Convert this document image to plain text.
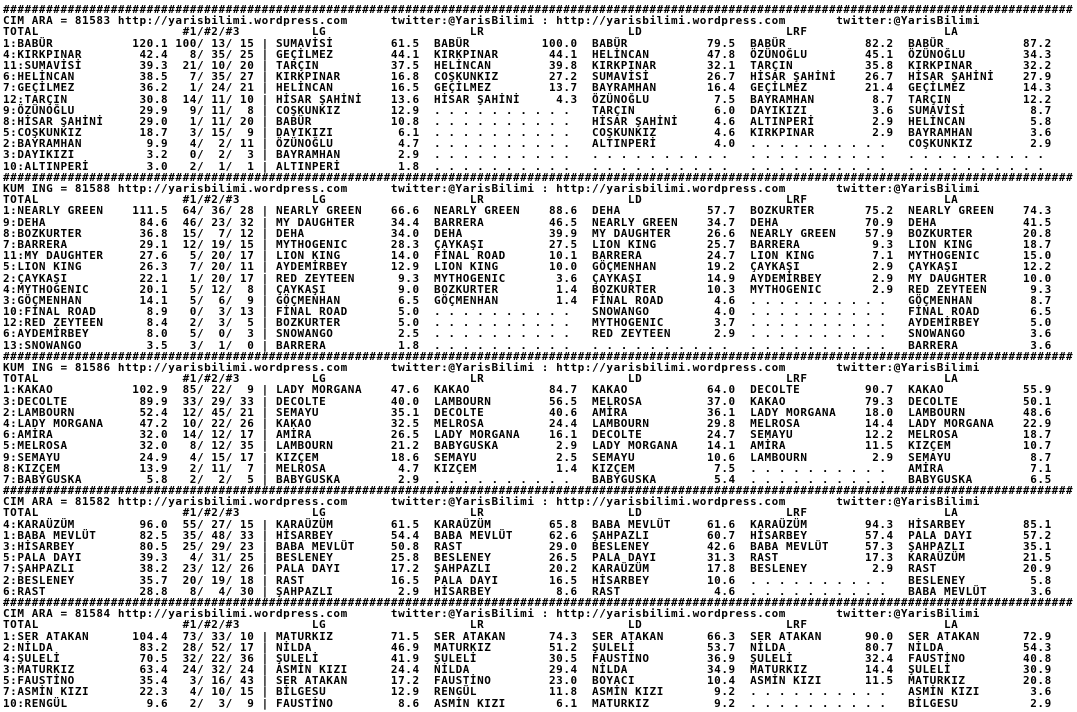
#####################################################################################################################################################
CIM ARA = 81583 http://yarisbilimi.wordpress.com	twitter:@YarisBilimi : http://yarisbilimi.wordpress.com	twitter:@YarisBilimi
TOTAL                    #1/#2/#3          LG                    LR                    LD                    LRF                   LA
1:BABÜR           120.1 100/ 13/ 15 | SUMAVİSİ        61.5  BABÜR          100.0  BABÜR           79.5  BABÜR           82.2  BABÜR           87.2
4:KIRKPINAR        42.4   8/ 35/ 25 | GEÇİLMEZ        44.1  KIRKPINAR       44.1  HELİNCAN        47.8  ÖZÜNOĞLU        45.1  ÖZÜNOĞLU        34.3
11:SUMAVİSİ        39.3  21/ 10/ 20 | TARÇIN          37.5  HELİNCAN        39.8  KIRKPINAR       32.1  TARÇIN          35.8  KIRKPINAR       32.2
6:HELİNCAN         38.5   7/ 35/ 27 | KIRKPINAR       16.8  COŞKUNKIZ       27.2  SUMAVİSİ        26.7  HİSAR ŞAHİNİ    26.7  HİSAR ŞAHİNİ    27.9
7:GEÇİLMEZ         36.2   1/ 24/ 21 | HELİNCAN        16.5  GEÇİLMEZ        13.7  BAYRAMHAN       16.4  GEÇİLMEZ        21.4  GEÇİLMEZ        14.3
12:TARÇIN          30.8  14/ 11/ 10 | HİSAR ŞAHİNİ    13.6  HİSAR ŞAHİNİ     4.3  ÖZÜNOĞLU         7.5  BAYRAMHAN        8.7  TARÇIN          12.2
9:ÖZÜNOĞLU         29.9   9/ 11/  8 | COŞKUNKIZ       12.9  . . . . . . . . . .   TARÇIN           6.0  DAYIKIZI         3.6  SUMAVİSİ         8.7
8:HİSAR ŞAHİNİ     29.0   1/ 11/ 20 | BABÜR           10.8  . . . . . . . . . .   HİSAR ŞAHİNİ     4.6  ALTINPERİ        2.9  HELİNCAN         5.8
5:COŞKUNKIZ        18.7   3/ 15/  9 | DAYIKIZI         6.1  . . . . . . . . . .   COŞKUNKIZ        4.6  KIRKPINAR        2.9  BAYRAMHAN        3.6
2:BAYRAMHAN         9.9   4/  2/ 11 | ÖZÜNOĞLU         4.7  . . . . . . . . . .   ALTINPERİ        4.0  . . . . . . . . . .   COŞKUNKIZ        2.9
3:DAYIKIZI          3.2   0/  2/  3 | BAYRAMHAN        2.9  . . . . . . . . . .   . . . . . . . . . .   . . . . . . . . . .   . . . . . . . . . .
10:ALTINPERİ        3.0   2/  1/  1 | ALTINPERİ        1.8  . . . . . . . . . .   . . . . . . . . . .   . . . . . . . . . .   . . . . . . . . . .
#####################################################################################################################################################
KUM ING = 81588 http://yarisbilimi.wordpress.com	twitter:@YarisBilimi : http://yarisbilimi.wordpress.com	twitter:@YarisBilimi
TOTAL                    #1/#2/#3          LG                    LR                    LD                    LRF                   LA
1:NEARLY GREEN    111.5  64/ 36/ 28 | NEARLY GREEN    66.6  NEARLY GREEN    88.6  DEHA            57.7  BOZKURTER       75.2  NEARLY GREEN    74.3
9:DEHA             84.6  46/ 23/ 32 | MY DAUGHTER     34.4  BARRERA         46.5  NEARLY GREEN    34.7  DEHA            70.9  DEHA            41.5
8:BOZKURTER        36.8  15/  7/ 12 | DEHA            34.0  DEHA            39.9  MY DAUGHTER     26.6  NEARLY GREEN    57.9  BOZKURTER       20.8
7:BARRERA          29.1  12/ 19/ 15 | MYTHOGENIC      28.3  ÇAYKAŞI         27.5  LION KING       25.7  BARRERA          9.3  LION KING       18.7
11:MY DAUGHTER     27.6   5/ 20/ 17 | LION KING       14.0  FİNAL ROAD      10.1  BARRERA         24.7  LION KING        7.1  MYTHOGENIC      15.0
5:LION KING        26.3   7/ 20/ 11 | AYDEMİRBEY      12.9  LION KING       10.0  GÖÇMENHAN       19.2  ÇAYKAŞI          2.9  ÇAYKAŞI         12.2
2:ÇAYKAŞI          22.1   1/ 20/ 17 | RED ZEYTEEN      9.3  MYTHOGENIC       3.6  ÇAYKAŞI         14.9  AYDEMİRBEY       2.9  MY DAUGHTER     10.0
4:MYTHOGENIC       20.1   5/ 12/  8 | ÇAYKAŞI          9.0  BOZKURTER        1.4  BOZKURTER       10.3  MYTHOGENIC       2.9  RED ZEYTEEN      9.3
3:GÖÇMENHAN        14.1   5/  6/  9 | GÖÇMENHAN        6.5  GÖÇMENHAN        1.4  FİNAL ROAD       4.6  . . . . . . . . . .   GÖÇMENHAN        8.7
10:FİNAL ROAD       8.9   0/  3/ 13 | FİNAL ROAD       5.0  . . . . . . . . . .   SNOWANGO         4.0  . . . . . . . . . .   FİNAL ROAD       6.5
12:RED ZEYTEEN      8.4   2/  3/  5 | BOZKURTER        5.0  . . . . . . . . . .   MYTHOGENIC       3.7  . . . . . . . . . .   AYDEMİRBEY       5.0
6:AYDEMİRBEY        8.0   5/  0/  3 | SNOWANGO         2.5  . . . . . . . . . .   RED ZEYTEEN      2.9  . . . . . . . . . .   SNOWANGO         3.6
13:SNOWANGO         3.5   3/  1/  0 | BARRERA          1.8  . . . . . . . . . .   . . . . . . . . . .   . . . . . . . . . .   BARRERA          3.6
#####################################################################################################################################################
KUM ING = 81586 http://yarisbilimi.wordpress.com	twitter:@YarisBilimi : http://yarisbilimi.wordpress.com	twitter:@YarisBilimi
TOTAL                    #1/#2/#3          LG                    LR                    LD                    LRF                   LA
1:KAKAO           102.9  85/ 22/  9 | LADY MORGANA    47.6  KAKAO           84.7  KAKAO           64.0  DECOLTE         90.7  KAKAO           55.9
3:DECOLTE          89.9  33/ 29/ 33 | DECOLTE         40.0  LAMBOURN        56.5  MELROSA         37.0  KAKAO           79.3  DECOLTE         50.1
2:LAMBOURN         52.4  12/ 45/ 21 | SEMAYU          35.1  DECOLTE         40.6  AMİRA           36.1  LADY MORGANA    18.0  LAMBOURN        48.6
4:LADY MORGANA     47.2  10/ 22/ 26 | KAKAO           32.5  MELROSA         24.4  LAMBOURN        29.8  MELROSA         14.4  LADY MORGANA    22.9
6:AMİRA            32.0  14/ 12/ 17 | AMİRA           26.5  LADY MORGANA    16.1  DECOLTE         24.7  SEMAYU          12.2  MELROSA         18.7
5:MELROSA          32.0   8/ 12/ 35 | LAMBOURN        21.2  BABYGUSKA        2.9  LADY MORGANA    14.1  AMİRA           11.5  KIZÇEM          10.7
9:SEMAYU           24.9   4/ 15/ 17 | KIZÇEM          18.6  SEMAYU           2.5  SEMAYU          10.6  LAMBOURN         2.9  SEMAYU           8.7
8:KIZÇEM           13.9   2/ 11/  7 | MELROSA          4.7  KIZÇEM           1.4  KIZÇEM           7.5  . . . . . . . . . .   AMİRA            7.1
7:BABYGUSKA         5.8   2/  2/  5 | BABYGUSKA        2.9  . . . . . . . . . .   BABYGUSKA        5.4  . . . . . . . . . .   BABYGUSKA        6.5
#####################################################################################################################################################
CIM ARA = 81582 http://yarisbilimi.wordpress.com	twitter:@YarisBilimi : http://yarisbilimi.wordpress.com	twitter:@YarisBilimi
TOTAL                    #1/#2/#3          LG                    LR                    LD                    LRF                   LA
4:KARAÜZÜM         96.0  55/ 27/ 15 | KARAÜZÜM        61.5  KARAÜZÜM        65.8  BABA MEVLÜT     61.6  KARAÜZÜM        94.3  HİSARBEY        85.1
1:BABA MEVLÜT      82.5  35/ 48/ 33 | HİSARBEY        54.4  BABA MEVLÜT     62.6  ŞAHPAZLI        60.7  HİSARBEY        57.4  PALA DAYI       57.2
3:HİSARBEY         80.5  25/ 29/ 23 | BABA MEVLÜT     50.8  RAST            29.0  BESLENEY        42.6  BABA MEVLÜT     57.3  ŞAHPAZLI        35.1
5:PALA DAYI        39.3   4/ 31/ 25 | BESLENEY        25.8  BESLENEY        26.5  PALA DAYI       31.3  RAST            17.3  KARAÜZÜM        21.5
7:ŞAHPAZLI         38.2  23/ 12/ 26 | PALA DAYI       17.2  ŞAHPAZLI        20.2  KARAÜZÜM        17.8  BESLENEY         2.9  RAST            20.9
2:BESLENEY         35.7  20/ 19/ 18 | RAST            16.5  PALA DAYI       16.5  HİSARBEY        10.6  . . . . . . . . . .   BESLENEY         5.8
6:RAST             28.8   8/  4/ 30 | ŞAHPAZLI         2.9  HİSARBEY         8.6  RAST             4.6  . . . . . . . . . .   BABA MEVLÜT      3.6
#####################################################################################################################################################
CIM ARA = 81584 http://yarisbilimi.wordpress.com	twitter:@YarisBilimi : http://yarisbilimi.wordpress.com	twitter:@YarisBilimi
TOTAL                    #1/#2/#3          LG                    LR                    LD                    LRF                   LA
1:SER ATAKAN      104.4  73/ 33/ 10 | MATURKIZ        71.5  SER ATAKAN      74.3  SER ATAKAN      66.3  SER ATAKAN      90.0  SER ATAKAN      72.9
2:NİLDA            83.2  28/ 52/ 17 | NİLDA           46.9  MATURKIZ        51.2  ŞULELİ          53.7  NİLDA           80.7  NİLDA           54.3
4:ŞULELİ           70.5  32/ 22/ 36 | ŞULELİ          41.9  ŞULELİ          30.5  FAUSTİNO        36.9  ŞULELİ          32.4  FAUSTİNO        40.8
3:MATURKIZ         63.4  24/ 32/ 24 | ASMİN KIZI      24.4  NİLDA           29.4  NİLDA           34.9  MATURKIZ        14.4  ŞULELİ          30.9
5:FAUSTİNO         35.4   3/ 16/ 43 | SER ATAKAN      17.2  FAUSTİNO        23.0  BOYACI          10.4  ASMİN KIZI      11.5  MATURKIZ        20.8
7:ASMİN KIZI       22.3   4/ 10/ 15 | BİLGESU         12.9  RENGÜL          11.8  ASMİN KIZI       9.2  . . . . . . . . . .   ASMİN KIZI       3.6
10:RENGÜL           9.6   2/  3/  9 | FAUSTİNO         8.6  ASMİN KIZI       6.1  MATURKIZ         9.2  . . . . . . . . . .   BİLGESU          2.9
